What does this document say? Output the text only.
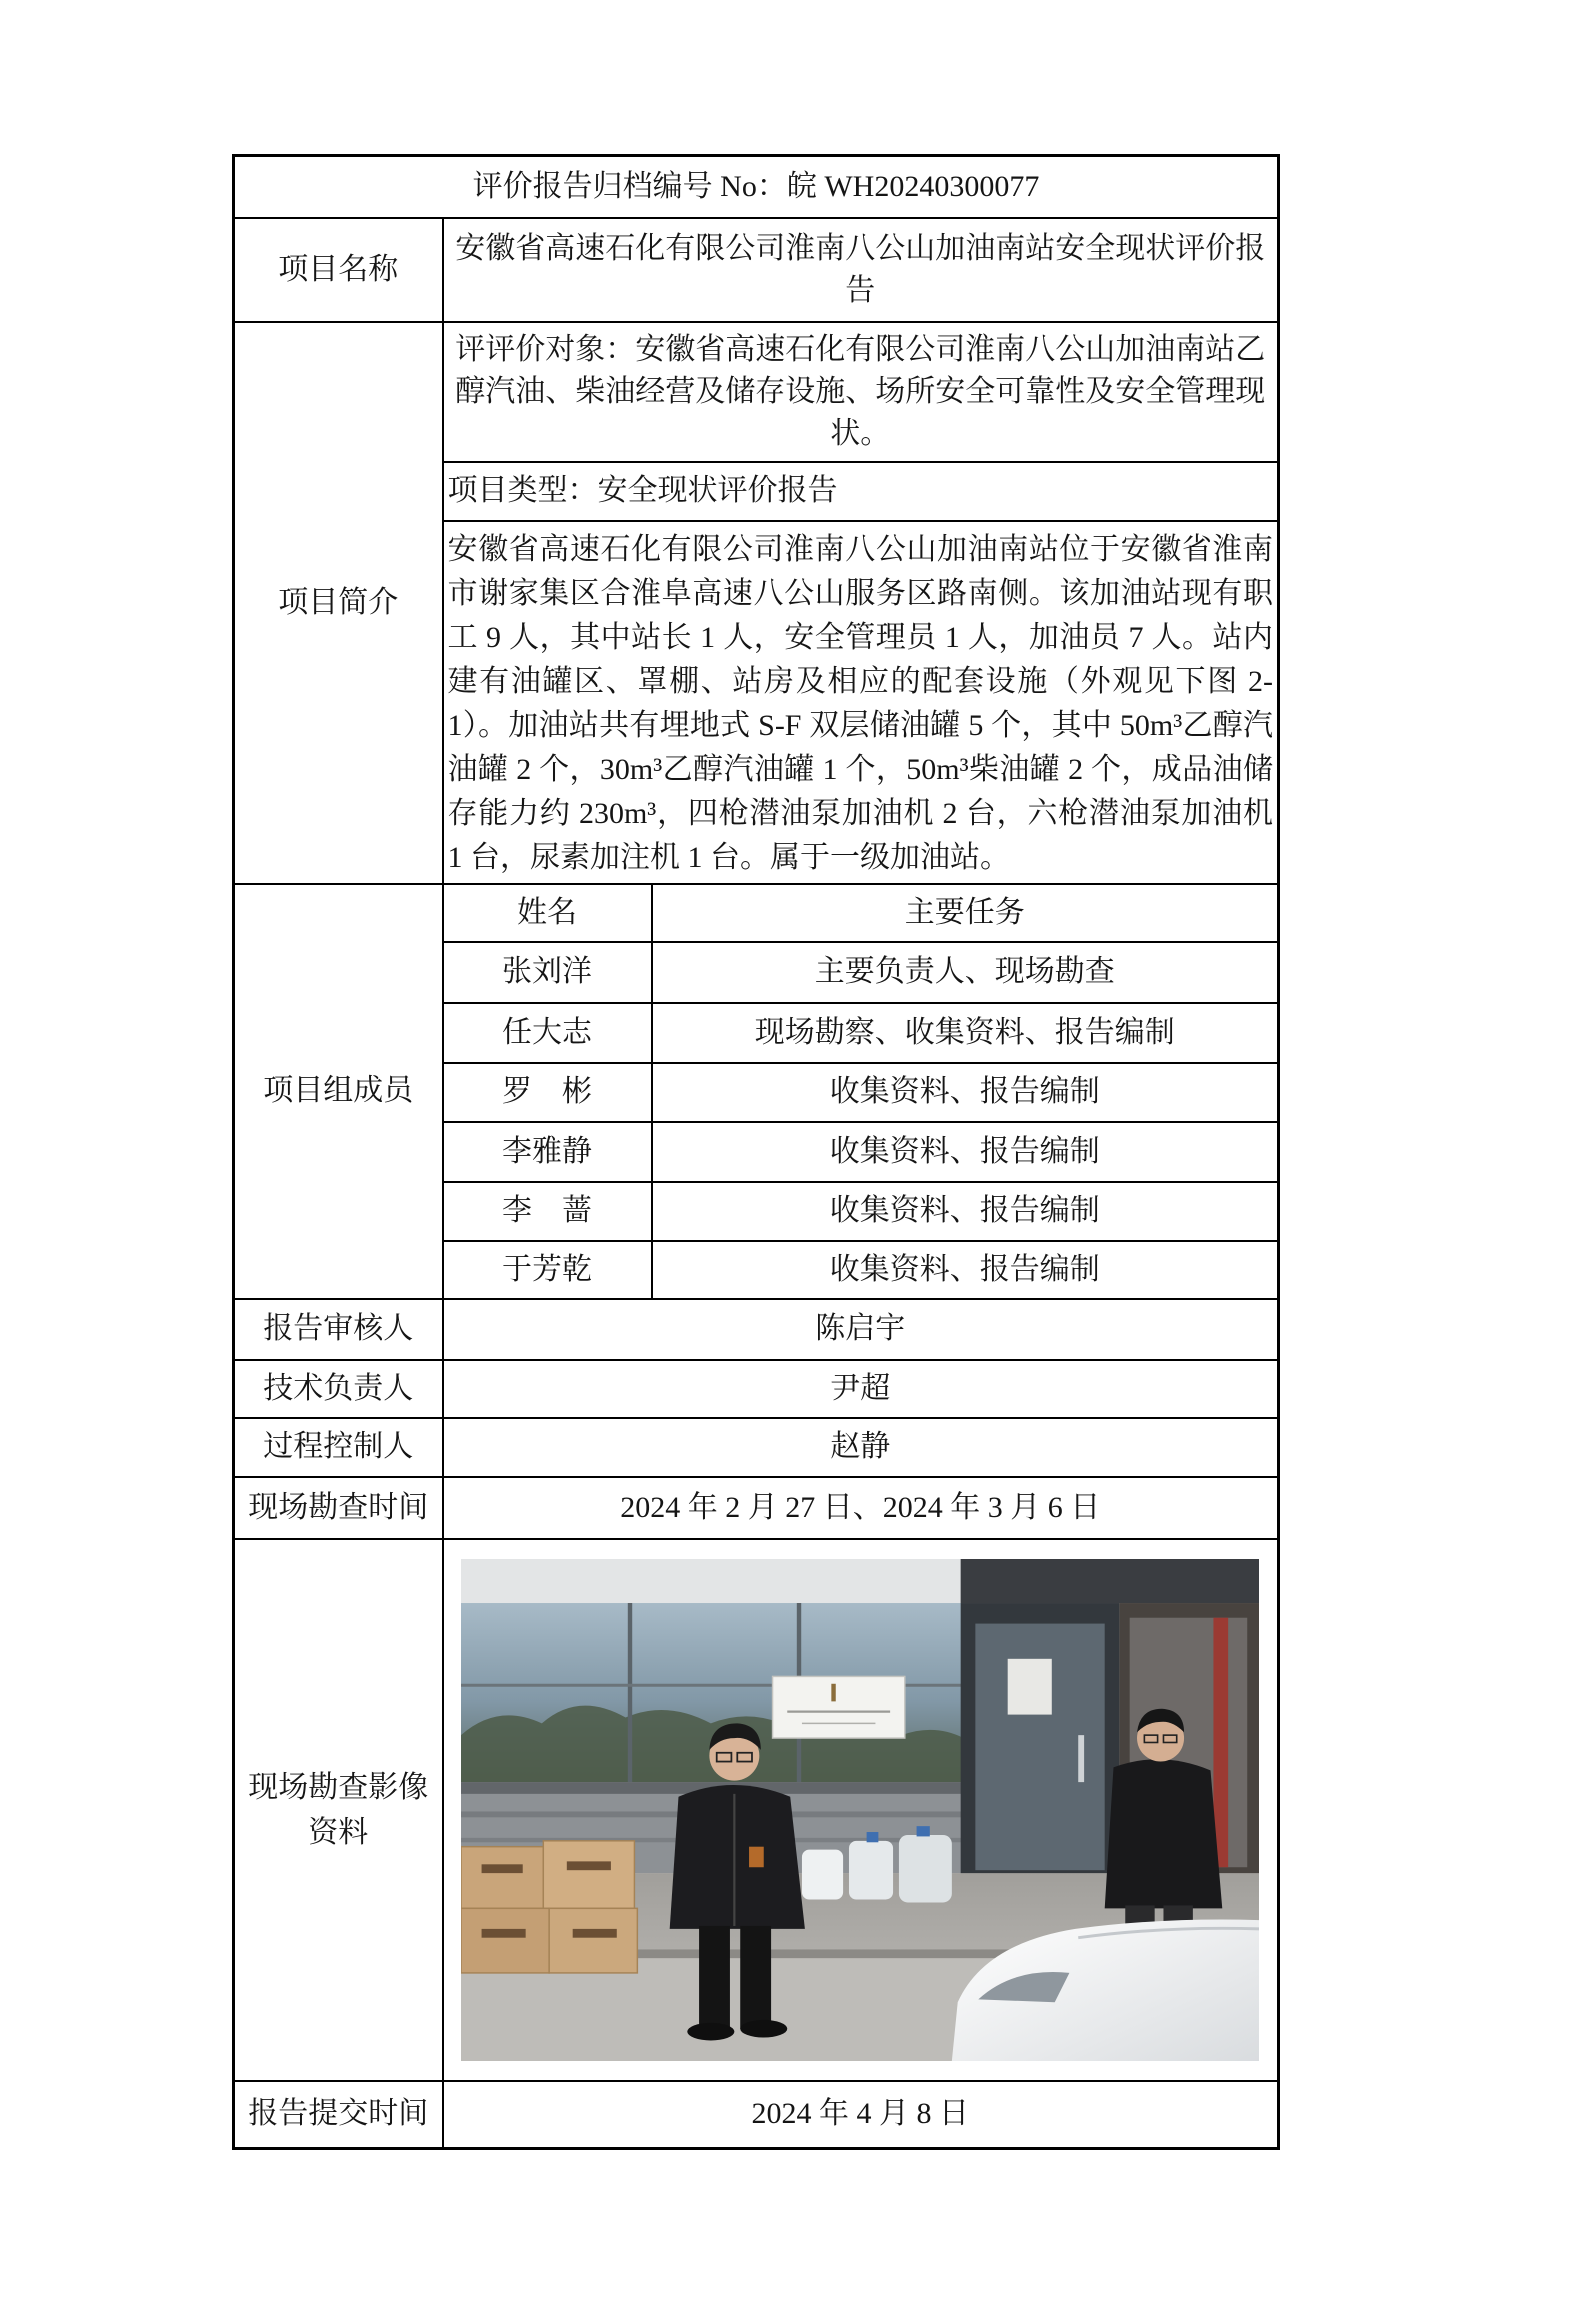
评价报告归档编号 No：皖 WH20240300077		
项目名称	安徽省高速石化有限公司淮南八公山加油南站安全现状评价报告	
项目简介	评评价对象：安徽省高速石化有限公司淮南八公山加油南站乙醇汽油、柴油经营及储存设施、场所安全可靠性及安全管理现状。	
	项目类型：安全现状评价报告	
	安徽省高速石化有限公司淮南八公山加油南站位于安徽省淮南市谢家集区合淮阜高速八公山服务区路南侧。该加油站现有职工 9 人，其中站长 1 人，安全管理员 1 人，加油员 7 人。站内建有油罐区、罩棚、站房及相应的配套设施（外观见下图 2-1）。加油站共有埋地式 S-F 双层储油罐 5 个，其中 50m³乙醇汽油罐 2 个，30m³乙醇汽油罐 1 个，50m³柴油罐 2 个，成品油储存能力约 230m³，四枪潜油泵加油机 2 台，六枪潜油泵加油机 1 台，尿素加注机 1 台。属于一级加油站。	
项目组成员	姓名	主要任务
	张刘洋	主要负责人、现场勘查
	任大志	现场勘察、收集资料、报告编制
	罗　彬	收集资料、报告编制
	李雅静	收集资料、报告编制
	李　蔷	收集资料、报告编制
	于芳乾	收集资料、报告编制
报告审核人	陈启宇	
技术负责人	尹超	
过程控制人	赵静	
现场勘查时间	2024 年 2 月 27 日、2024 年 3 月 6 日	
现场勘查影像资料	

报告提交时间	2024 年 4 月 8 日	
